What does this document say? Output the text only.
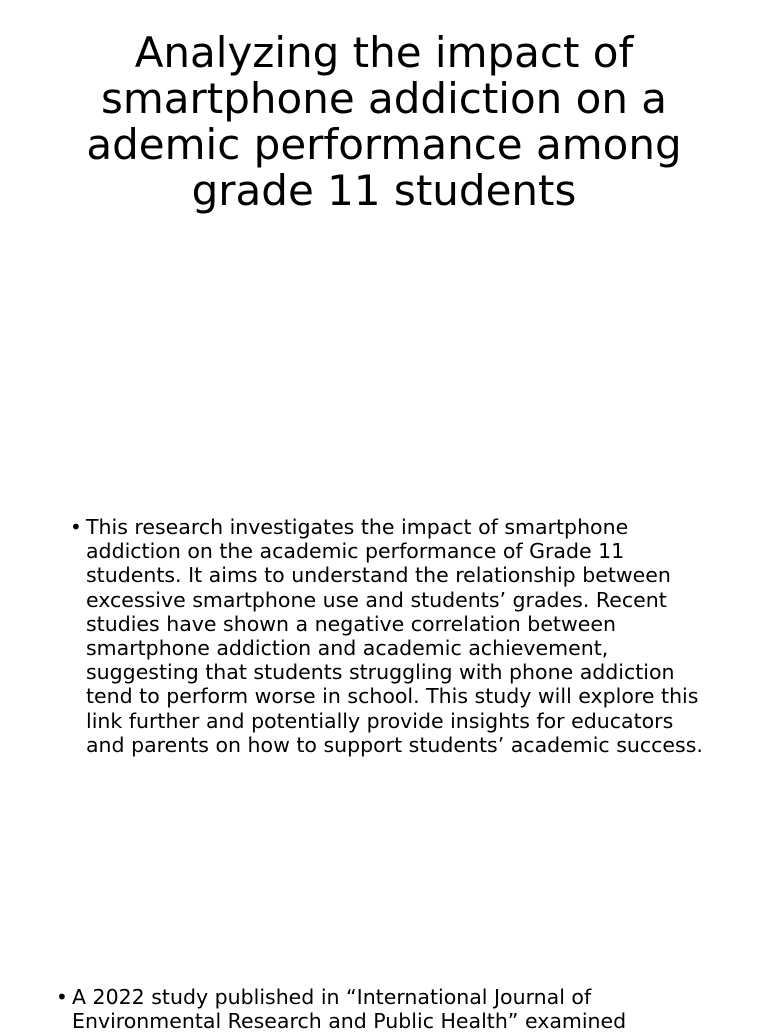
Analyzing the impact of smartphone addiction on a ademic performance among grade 11 students
• This research investigates the impact of smartphone addiction on the academic performance of Grade 11 students. It aims to understand the relationship between excessive smartphone use and students’ grades. Recent studies have shown a negative correlation between smartphone addiction and academic achievement, suggesting that students struggling with phone addiction tend to perform worse in school. This study will explore this link further and potentially provide insights for educators and parents on how to support students’ academic success.

• A 2022 study published in “International Journal of Environmental Research and Public Health” examined
